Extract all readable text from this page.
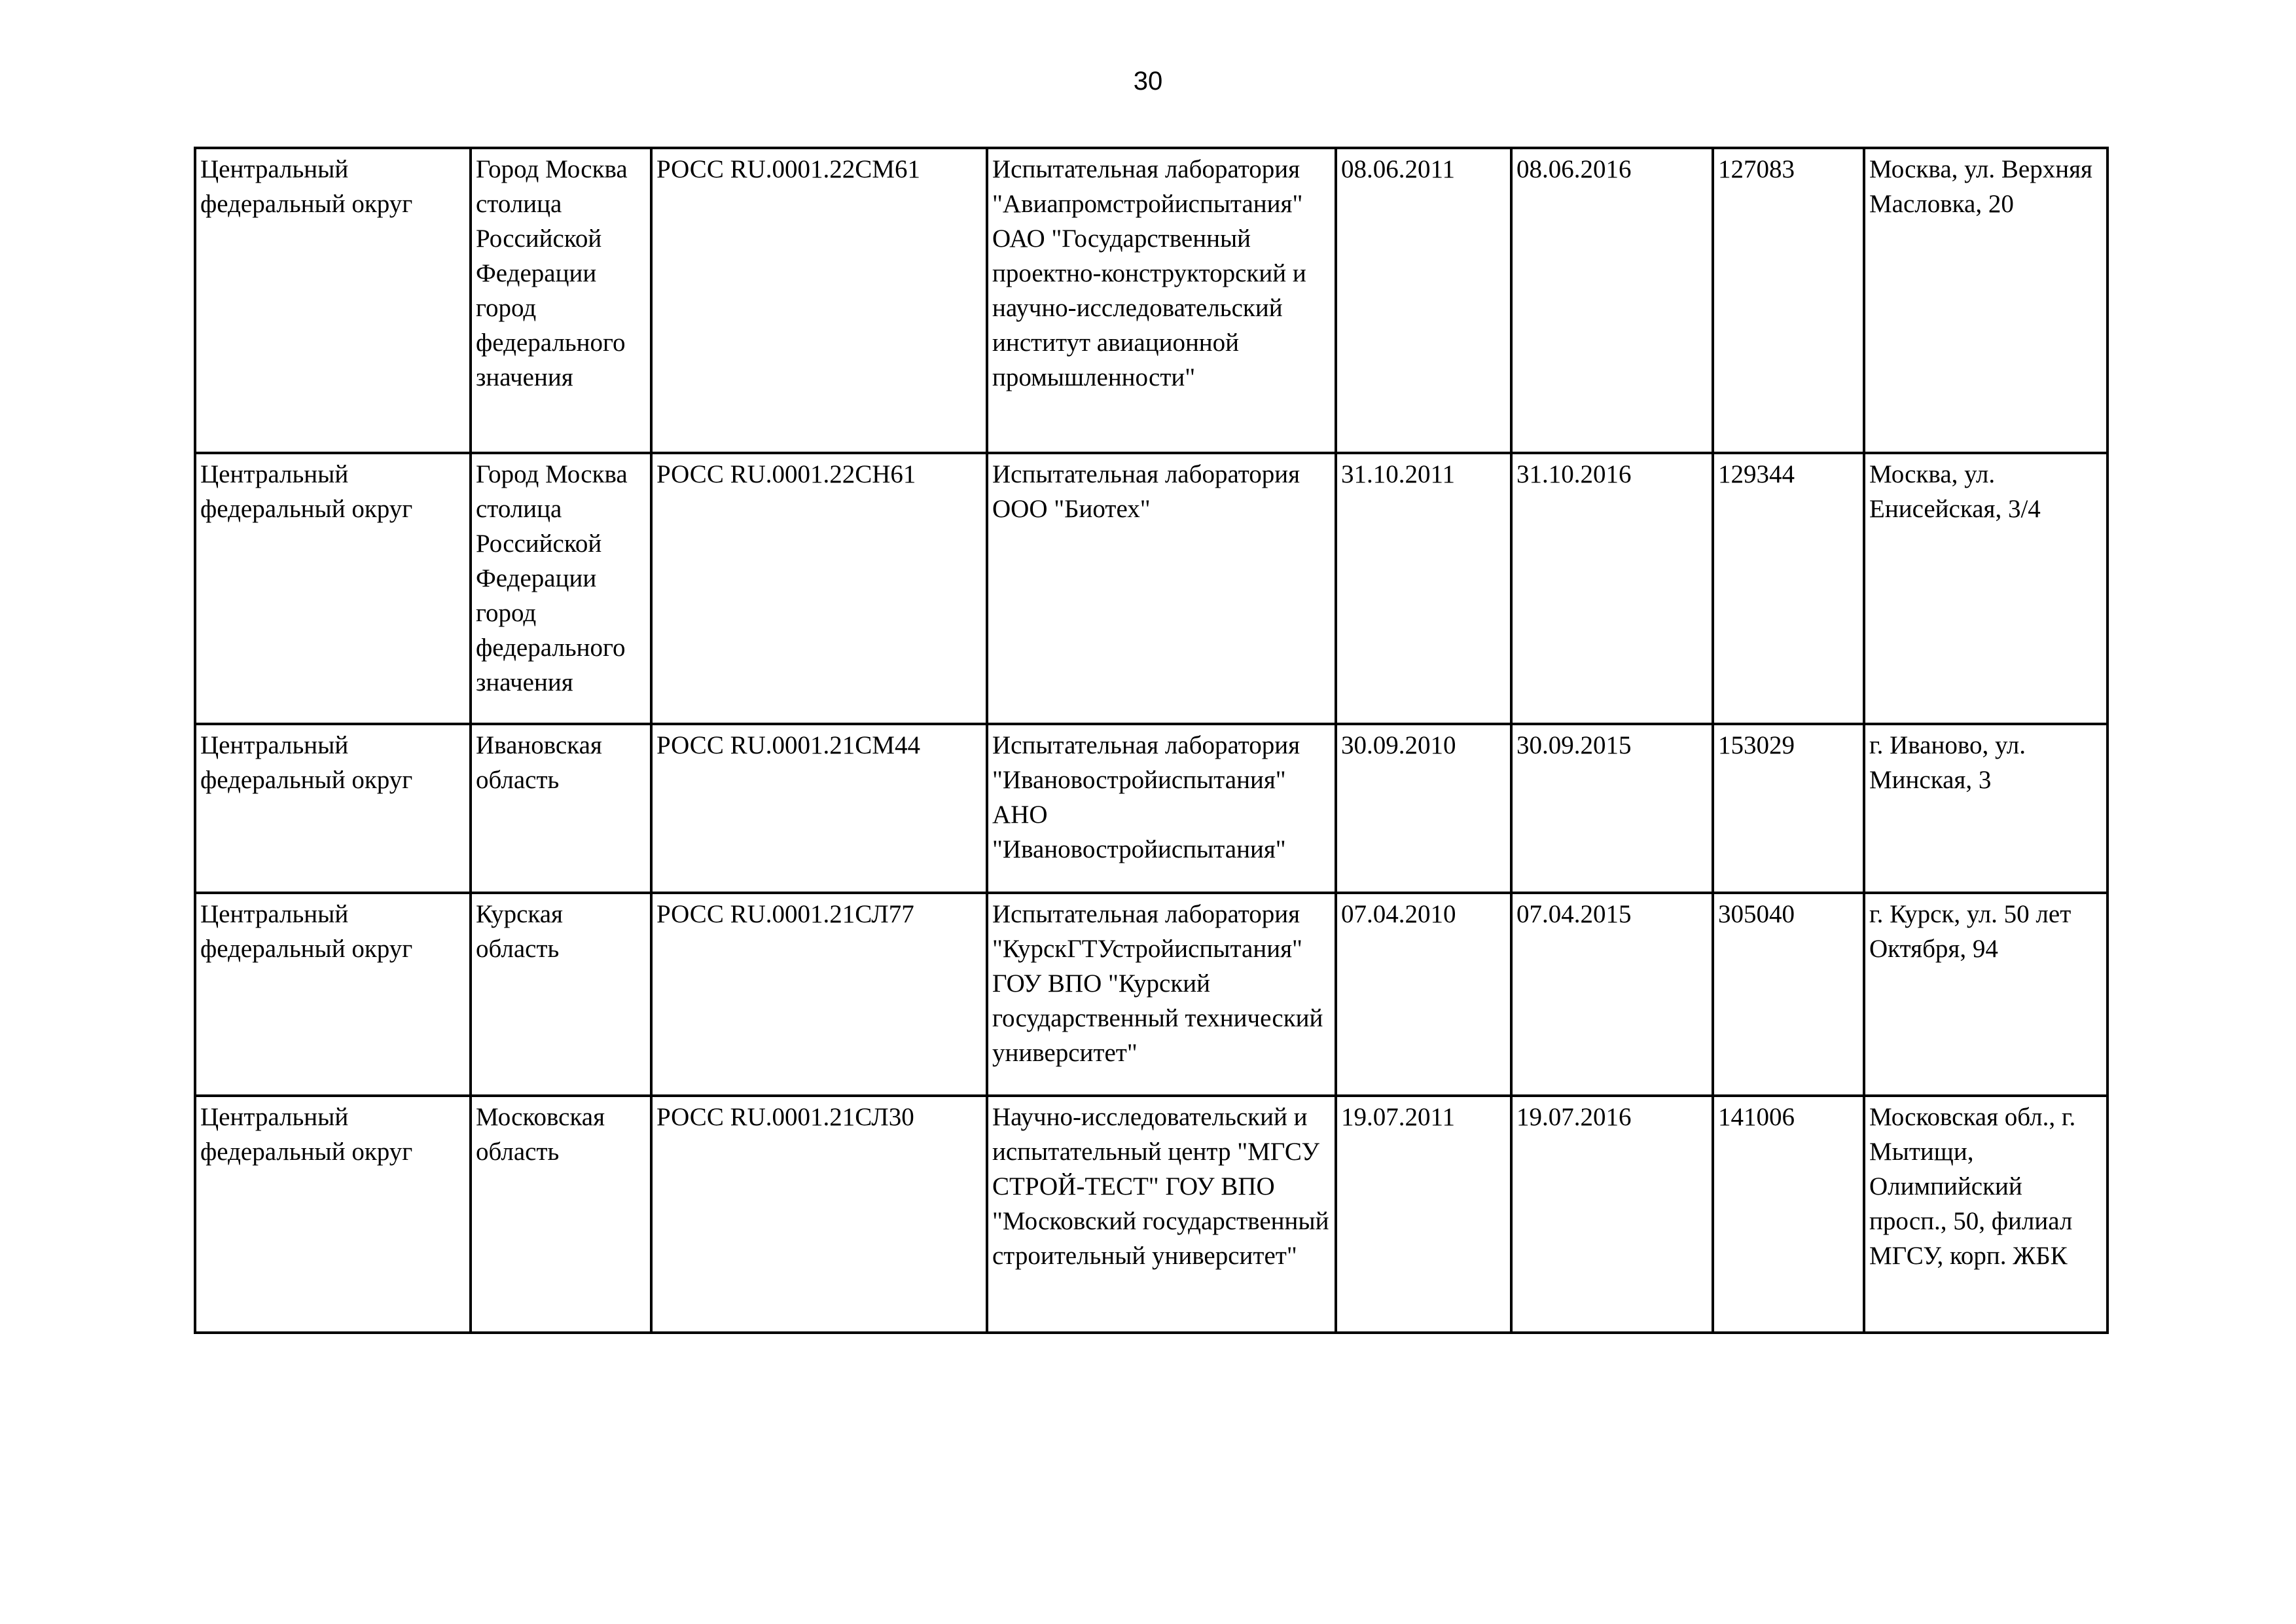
30
Центральный федеральный округ	Город Москва столица Российской Федерации город федерального значения	РОСС RU.0001.22СМ61	Испытательная лаборатория "Авиапромстройиспытания" ОАО "Государственный проектно-конструкторский и научно-исследовательский институт авиационной промышленности"	08.06.2011	08.06.2016	127083	Москва, ул. Верхняя Масловка, 20
Центральный федеральный округ	Город Москва столица Российской Федерации город федерального значения	РОСС RU.0001.22СН61	Испытательная лаборатория ООО "Биотех"	31.10.2011	31.10.2016	129344	Москва, ул. Енисейская, 3/4
Центральный федеральный округ	Ивановская область	РОСС RU.0001.21СМ44	Испытательная лаборатория "Ивановостройиспытания" АНО "Ивановостройиспытания"	30.09.2010	30.09.2015	153029	г. Иваново, ул. Минская, 3
Центральный федеральный округ	Курская область	РОСС RU.0001.21СЛ77	Испытательная лаборатория "КурскГТУстройиспытания" ГОУ ВПО "Курский государственный технический университет"	07.04.2010	07.04.2015	305040	г. Курск, ул. 50 лет Октября, 94
Центральный федеральный округ	Московская область	РОСС RU.0001.21СЛ30	Научно-исследовательский и испытательный центр "МГСУ СТРОЙ-ТЕСТ" ГОУ ВПО "Московский государственный строительный университет"	19.07.2011	19.07.2016	141006	Московская обл., г. Мытищи, Олимпийский просп., 50, филиал МГСУ, корп. ЖБК
